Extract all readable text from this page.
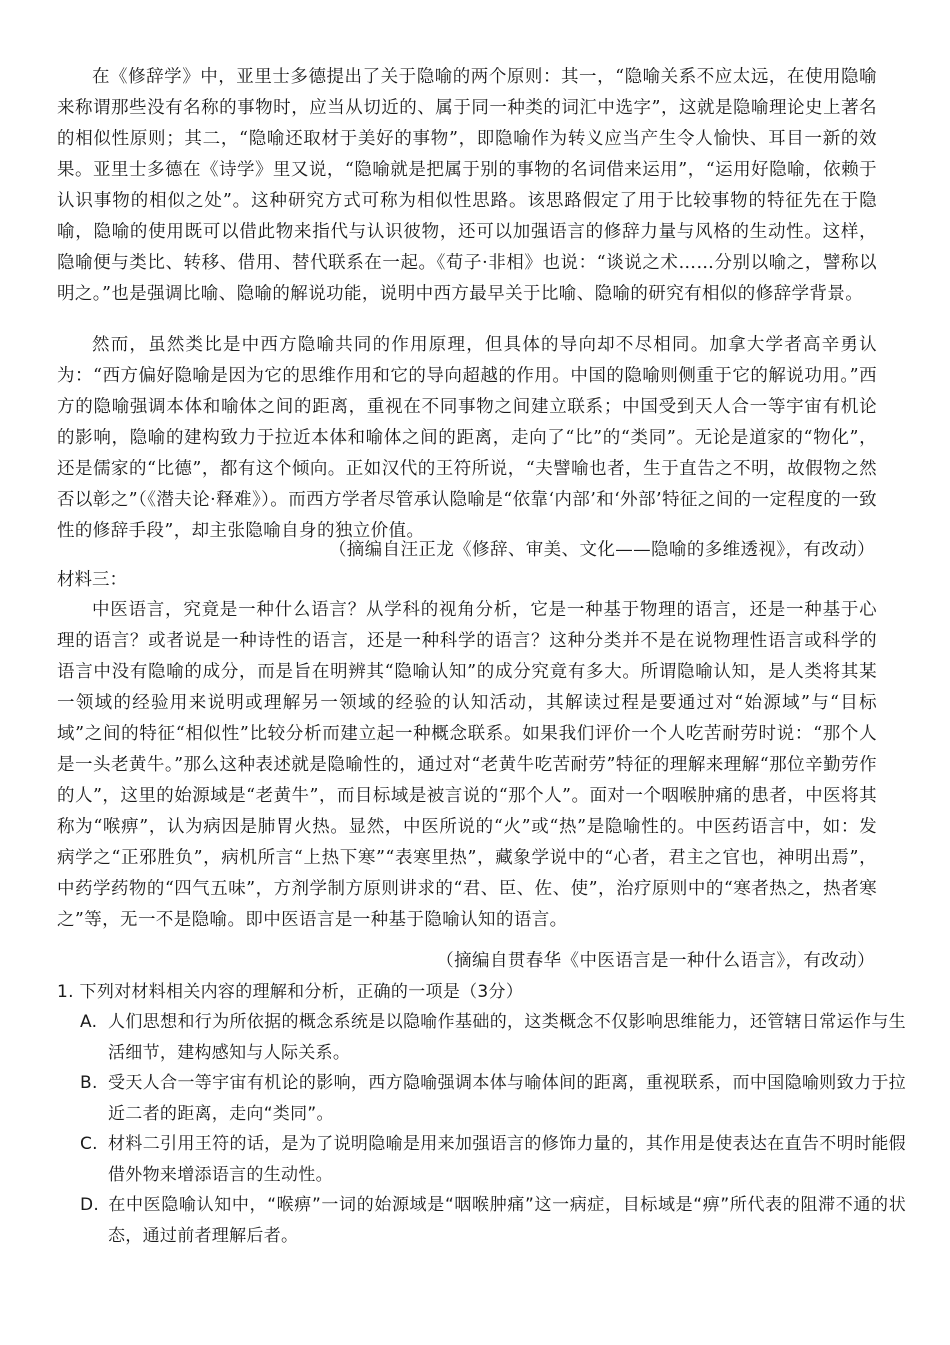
在《修辞学》中，亚里士多德提出了关于隐喻的两个原则：其一，“隐喻关系不应太远，在使用隐喻来称谓那些没有名称的事物时，应当从切近的、属于同一种类的词汇中选字”，这就是隐喻理论史上著名的相似性原则；其二，“隐喻还取材于美好的事物”，即隐喻作为转义应当产生令人愉快、耳目一新的效果。亚里士多德在《诗学》里又说，“隐喻就是把属于别的事物的名词借来运用”，“运用好隐喻，依赖于认识事物的相似之处”。这种研究方式可称为相似性思路。该思路假定了用于比较事物的特征先在于隐喻，隐喻的使用既可以借此物来指代与认识彼物，还可以加强语言的修辞力量与风格的生动性。这样，隐喻便与类比、转移、借用、替代联系在一起。《荀子·非相》也说：“谈说之术……分别以喻之，譬称以明之。”也是强调比喻、隐喻的解说功能，说明中西方最早关于比喻、隐喻的研究有相似的修辞学背景。

然而，虽然类比是中西方隐喻共同的作用原理，但具体的导向却不尽相同。加拿大学者高辛勇认为：“西方偏好隐喻是因为它的思维作用和它的导向超越的作用。中国的隐喻则侧重于它的解说功用。”西方的隐喻强调本体和喻体之间的距离，重视在不同事物之间建立联系；中国受到天人合一等宇宙有机论的影响，隐喻的建构致力于拉近本体和喻体之间的距离，走向了“比”的“类同”。无论是道家的“物化”，还是儒家的“比德”，都有这个倾向。正如汉代的王符所说，“夫譬喻也者，生于直告之不明，故假物之然否以彰之”（《潜夫论·释难》）。而西方学者尽管承认隐喻是“依靠‘内部’和‘外部’特征之间的一定程度的一致性的修辞手段”，却主张隐喻自身的独立价值。

（摘编自汪正龙《修辞、审美、文化——隐喻的多维透视》，有改动）
材料三：

中医语言，究竟是一种什么语言？从学科的视角分析，它是一种基于物理的语言，还是一种基于心理的语言？或者说是一种诗性的语言，还是一种科学的语言？这种分类并不是在说物理性语言或科学的语言中没有隐喻的成分，而是旨在明辨其“隐喻认知”的成分究竟有多大。所谓隐喻认知，是人类将其某一领域的经验用来说明或理解另一领域的经验的认知活动，其解读过程是要通过对“始源域”与“目标域”之间的特征“相似性”比较分析而建立起一种概念联系。如果我们评价一个人吃苦耐劳时说：“那个人是一头老黄牛。”那么这种表述就是隐喻性的，通过对“老黄牛吃苦耐劳”特征的理解来理解“那位辛勤劳作的人”，这里的始源域是“老黄牛”，而目标域是被言说的“那个人”。面对一个咽喉肿痛的患者，中医将其称为“喉痹”，认为病因是肺胃火热。显然，中医所说的“火”或“热”是隐喻性的。中医药语言中，如：发病学之“正邪胜负”，病机所言“上热下寒”“表寒里热”，藏象学说中的“心者，君主之官也，神明出焉”，中药学药物的“四气五味”，方剂学制方原则讲求的“君、臣、佐、使”，治疗原则中的“寒者热之，热者寒之”等，无一不是隐喻。即中医语言是一种基于隐喻认知的语言。

（摘编自贯春华《中医语言是一种什么语言》，有改动）
1. 下列对材料相关内容的理解和分析，正确的一项是（3分）
A. 人们思想和行为所依据的概念系统是以隐喻作基础的，这类概念不仅影响思维能力，还管辖日常运作与生活细节，建构感知与人际关系。
B. 受天人合一等宇宙有机论的影响，西方隐喻强调本体与喻体间的距离，重视联系，而中国隐喻则致力于拉近二者的距离，走向“类同”。
C. 材料二引用王符的话，是为了说明隐喻是用来加强语言的修饰力量的，其作用是使表达在直告不明时能假借外物来增添语言的生动性。
D. 在中医隐喻认知中，“喉痹”一词的始源域是“咽喉肿痛”这一病症，目标域是“痹”所代表的阻滞不通的状态，通过前者理解后者。
